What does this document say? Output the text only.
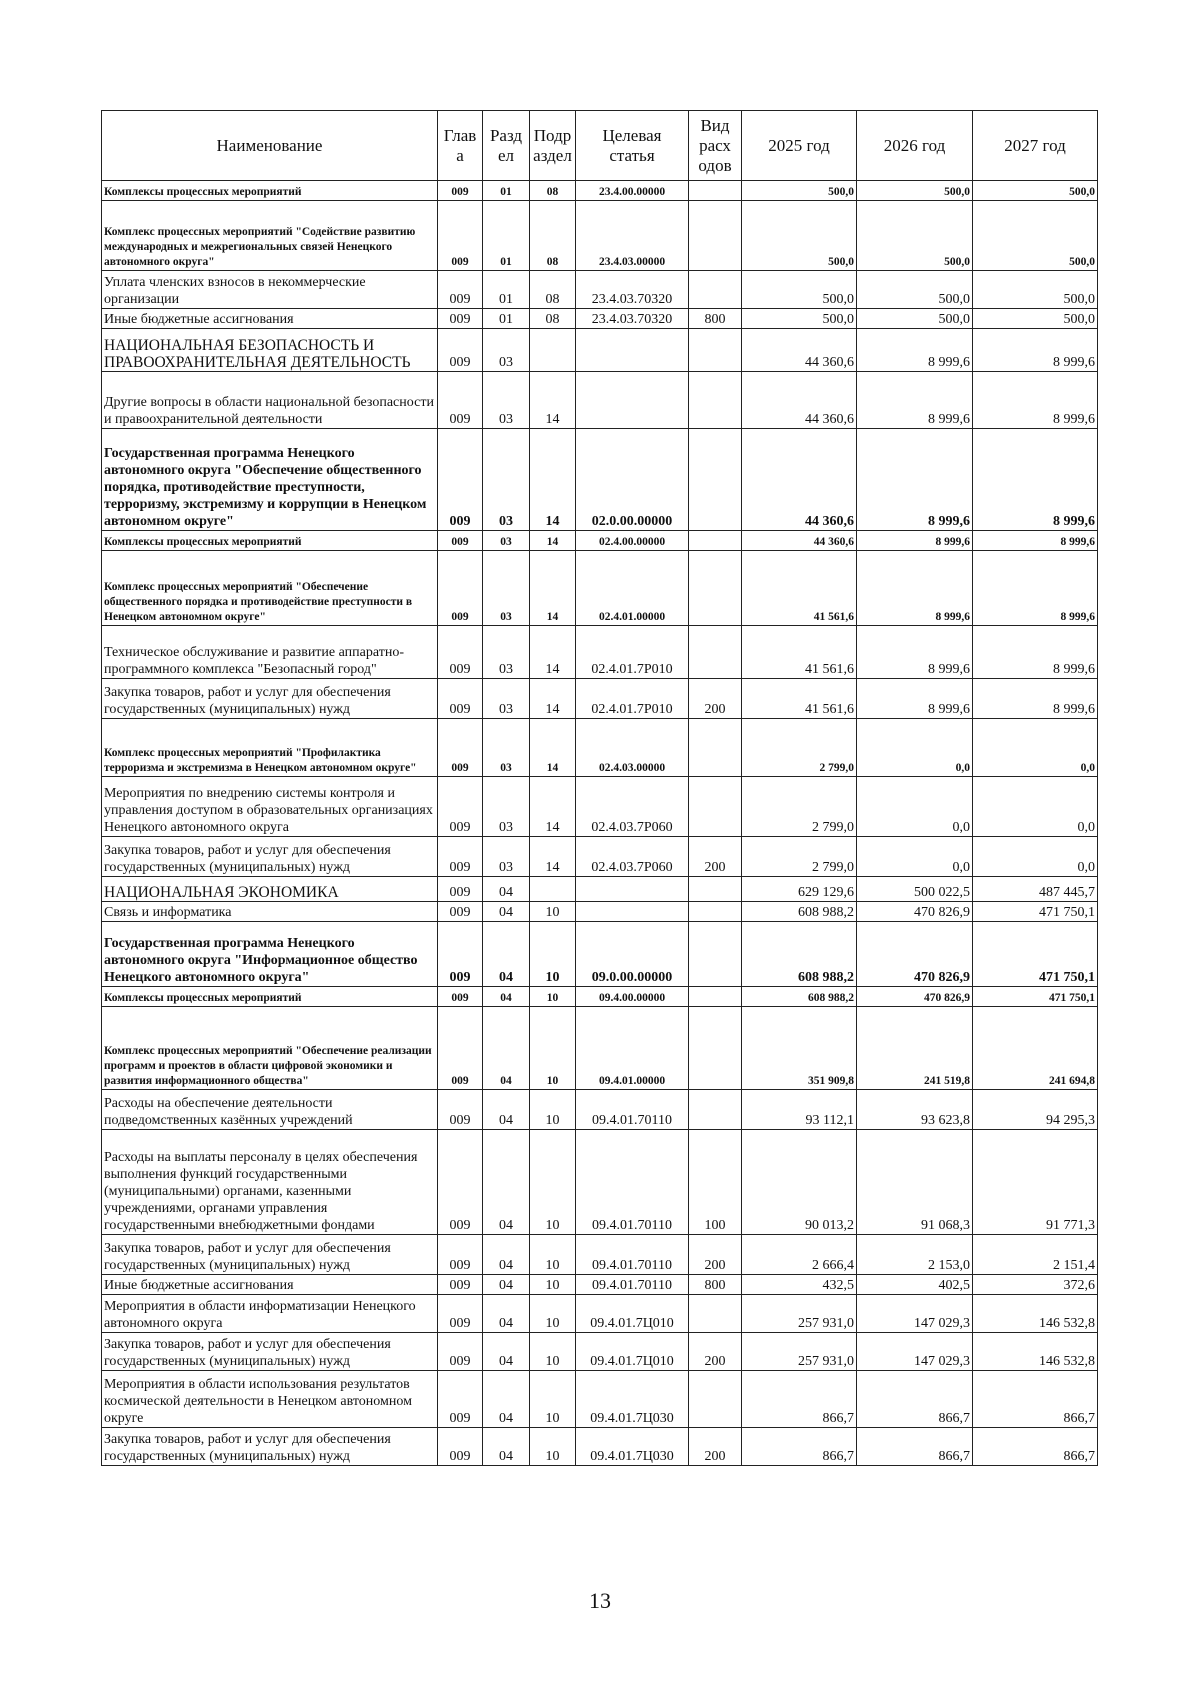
Наименование	Глав а	Разд ел	Подр аздел	Целевая статья	Вид расх одов	2025 год	2026 год	2027 год
Комплексы процессных мероприятий	009	01	08	23.4.00.00000		500,0	500,0	500,0
Комплекс процессных мероприятий "Содействие развитию международных и межрегиональных связей Ненецкого автономного округа"	009	01	08	23.4.03.00000		500,0	500,0	500,0
Уплата членских взносов в некоммерческие организации	009	01	08	23.4.03.70320		500,0	500,0	500,0
Иные бюджетные ассигнования	009	01	08	23.4.03.70320	800	500,0	500,0	500,0
НАЦИОНАЛЬНАЯ БЕЗОПАСНОСТЬ И ПРАВООХРАНИТЕЛЬНАЯ ДЕЯТЕЛЬНОСТЬ	009	03				44 360,6	8 999,6	8 999,6
Другие вопросы в области национальной безопасности и правоохранительной деятельности	009	03	14			44 360,6	8 999,6	8 999,6
Государственная программа Ненецкого автономного округа "Обеспечение общественного порядка, противодействие преступности, терроризму, экстремизму и коррупции в Ненецком автономном округе"	009	03	14	02.0.00.00000		44 360,6	8 999,6	8 999,6
Комплексы процессных мероприятий	009	03	14	02.4.00.00000		44 360,6	8 999,6	8 999,6
Комплекс процессных мероприятий "Обеспечение общественного порядка и противодействие преступности в Ненецком автономном округе"	009	03	14	02.4.01.00000		41 561,6	8 999,6	8 999,6
Техническое обслуживание и развитие аппаратно-программного комплекса "Безопасный город"	009	03	14	02.4.01.7Р010		41 561,6	8 999,6	8 999,6
Закупка товаров, работ и услуг для обеспечения государственных (муниципальных) нужд	009	03	14	02.4.01.7Р010	200	41 561,6	8 999,6	8 999,6
Комплекс процессных мероприятий "Профилактика терроризма и экстремизма в Ненецком автономном округе"	009	03	14	02.4.03.00000		2 799,0	0,0	0,0
Мероприятия по внедрению системы контроля и управления доступом в образовательных организациях Ненецкого автономного округа	009	03	14	02.4.03.7Р060		2 799,0	0,0	0,0
Закупка товаров, работ и услуг для обеспечения государственных (муниципальных) нужд	009	03	14	02.4.03.7Р060	200	2 799,0	0,0	0,0
НАЦИОНАЛЬНАЯ ЭКОНОМИКА	009	04				629 129,6	500 022,5	487 445,7
Связь и информатика	009	04	10			608 988,2	470 826,9	471 750,1
Государственная программа Ненецкого автономного округа "Информационное общество Ненецкого автономного округа"	009	04	10	09.0.00.00000		608 988,2	470 826,9	471 750,1
Комплексы процессных мероприятий	009	04	10	09.4.00.00000		608 988,2	470 826,9	471 750,1
Комплекс процессных мероприятий "Обеспечение реализации программ и проектов в области цифровой экономики и развития информационного общества"	009	04	10	09.4.01.00000		351 909,8	241 519,8	241 694,8
Расходы на обеспечение деятельности подведомственных казённых учреждений	009	04	10	09.4.01.70110		93 112,1	93 623,8	94 295,3
Расходы на выплаты персоналу в целях обеспечения выполнения функций государственными (муниципальными) органами, казенными учреждениями, органами управления государственными внебюджетными фондами	009	04	10	09.4.01.70110	100	90 013,2	91 068,3	91 771,3
Закупка товаров, работ и услуг для обеспечения государственных (муниципальных) нужд	009	04	10	09.4.01.70110	200	2 666,4	2 153,0	2 151,4
Иные бюджетные ассигнования	009	04	10	09.4.01.70110	800	432,5	402,5	372,6
Мероприятия в области информатизации Ненецкого автономного округа	009	04	10	09.4.01.7Ц010		257 931,0	147 029,3	146 532,8
Закупка товаров, работ и услуг для обеспечения государственных (муниципальных) нужд	009	04	10	09.4.01.7Ц010	200	257 931,0	147 029,3	146 532,8
Мероприятия в области использования результатов космической деятельности в Ненецком автономном округе	009	04	10	09.4.01.7Ц030		866,7	866,7	866,7
Закупка товаров, работ и услуг для обеспечения государственных (муниципальных) нужд	009	04	10	09.4.01.7Ц030	200	866,7	866,7	866,7
13
